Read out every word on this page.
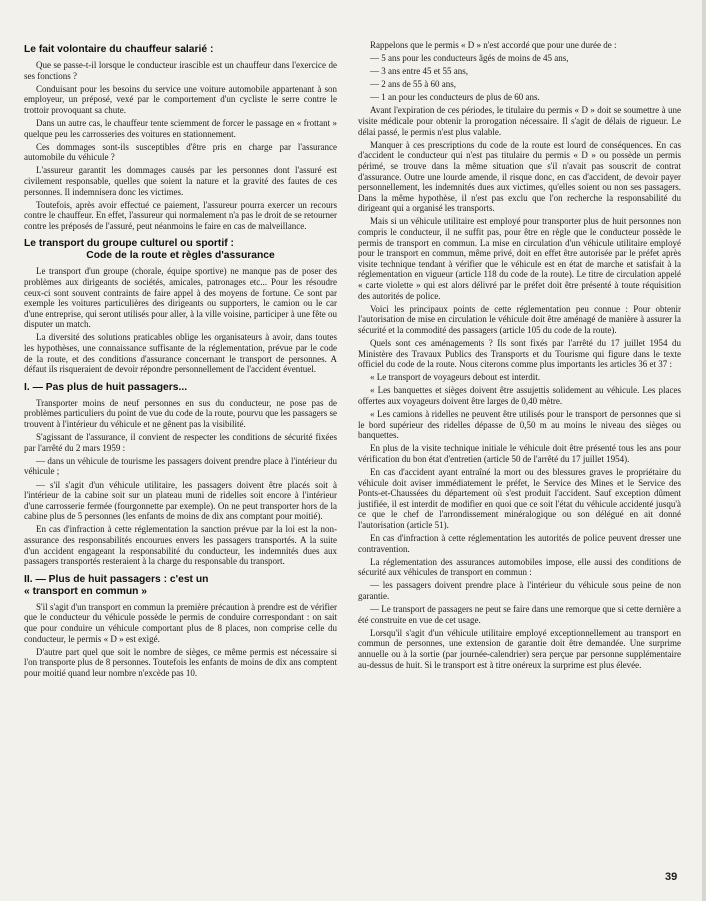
Le fait volontaire du chauffeur salarié :

Que se passe-t-il lorsque le conducteur irascible est un chauffeur dans l'exercice de ses fonctions ?

Conduisant pour les besoins du service une voiture automobile appartenant à son employeur, un préposé, vexé par le comportement d'un cycliste le serre contre le trottoir provoquant sa chute.

Dans un autre cas, le chauffeur tente sciemment de forcer le passage en « frottant » quelque peu les carrosseries des voitures en stationnement.

Ces dommages sont-ils susceptibles d'être pris en charge par l'assurance automobile du véhicule ?

L'assureur garantit les dommages causés par les personnes dont l'assuré est civilement responsable, quelles que soient la nature et la gravité des fautes de ces personnes. Il indemnisera donc les victimes.

Toutefois, après avoir effectué ce paiement, l'assureur pourra exercer un recours contre le chauffeur. En effet, l'assureur qui normalement n'a pas le droit de se retourner contre les préposés de l'assuré, peut néanmoins le faire en cas de malveillance.

Le transport du groupe culturel ou sportif :
Code de la route et règles d'assurance

Le transport d'un groupe (chorale, équipe sportive) ne manque pas de poser des problèmes aux dirigeants de sociétés, amicales, patronages etc... Pour les résoudre ceux-ci sont souvent contraints de faire appel à des moyens de fortune. Ce sont par exemple les voitures particulières des dirigeants ou supporters, le camion ou le car d'une entreprise, qui seront utilisés pour aller, à la ville voisine, participer à une fête ou disputer un match.

La diversité des solutions praticables oblige les organisateurs à avoir, dans toutes les hypothèses, une connaissance suffisante de la réglementation, prévue par le code de la route, et des conditions d'assurance concernant le transport de personnes. A défaut ils risqueraient de devoir répondre personnellement de l'accident éventuel.

I. — Pas plus de huit passagers...

Transporter moins de neuf personnes en sus du conducteur, ne pose pas de problèmes particuliers du point de vue du code de la route, pourvu que les passagers se trouvent à l'intérieur du véhicule et ne gênent pas la visibilité.

S'agissant de l'assurance, il convient de respecter les conditions de sécurité fixées par l'arrêté du 2 mars 1959 :

— dans un véhicule de tourisme les passagers doivent prendre place à l'intérieur du véhicule ;

— s'il s'agit d'un véhicule utilitaire, les passagers doivent être placés soit à l'intérieur de la cabine soit sur un plateau muni de ridelles soit encore à l'intérieur d'une carrosserie fermée (fourgonnette par exemple). On ne peut transporter hors de la cabine plus de 5 personnes (les enfants de moins de dix ans comptant pour moitié).

En cas d'infraction à cette réglementation la sanction prévue par la loi est la non-assurance des responsabilités encourues envers les passagers transportés. A la suite d'un accident engageant la responsabilité du conducteur, les indemnités dues aux passagers transportés resteraient à la charge du responsable du transport.

II. — Plus de huit passagers : c'est un
« transport en commun »

S'il s'agit d'un transport en commun la première précaution à prendre est de vérifier que le conducteur du véhicule possède le permis de conduire correspondant : on sait que pour conduire un véhicule comportant plus de 8 places, non comprise celle du conducteur, le permis « D » est exigé.

D'autre part quel que soit le nombre de sièges, ce même permis est nécessaire si l'on transporte plus de 8 personnes. Toutefois les enfants de moins de dix ans comptent pour moitié quand leur nombre n'excède pas 10.

Rappelons que le permis « D » n'est accordé que pour une durée de :

— 5 ans pour les conducteurs âgés de moins de 45 ans,

— 3 ans entre 45 et 55 ans,

— 2 ans de 55 à 60 ans,

— 1 an pour les conducteurs de plus de 60 ans.

Avant l'expiration de ces périodes, le titulaire du permis « D » doit se soumettre à une visite médicale pour obtenir la prorogation nécessaire. Il s'agit de délais de rigueur. Le délai passé, le permis n'est plus valable.

Manquer à ces prescriptions du code de la route est lourd de conséquences. En cas d'accident le conducteur qui n'est pas titulaire du permis « D » ou possède un permis périmé, se trouve dans la même situation que s'il n'avait pas souscrit de contrat d'assurance. Outre une lourde amende, il risque donc, en cas d'accident, de devoir payer personnellement, les indemnités dues aux victimes, qu'elles soient ou non ses passagers. Dans la même hypothèse, il n'est pas exclu que l'on recherche la responsabilité du dirigeant qui a organisé les transports.

Mais si un véhicule utilitaire est employé pour transporter plus de huit personnes non compris le conducteur, il ne suffit pas, pour être en règle que le conducteur possède le permis de transport en commun. La mise en circulation d'un véhicule utilitaire employé pour le transport en commun, même privé, doit en effet être autorisée par le préfet après visite technique tendant à vérifier que le véhicule est en état de marche et satisfait à la réglementation en vigueur (article 118 du code de la route). Le titre de circulation appelé « carte violette » qui est alors délivré par le préfet doit être présenté à toute réquisition des autorités de police.

Voici les principaux points de cette réglementation peu connue : Pour obtenir l'autorisation de mise en circulation le véhicule doit être aménagé de manière à assurer la sécurité et la commodité des passagers (article 105 du code de la route).

Quels sont ces aménagements ? Ils sont fixés par l'arrêté du 17 juillet 1954 du Ministère des Travaux Publics des Transports et du Tourisme qui figure dans le texte officiel du code de la route. Nous citerons comme plus importants les articles 36 et 37 :

« Le transport de voyageurs debout est interdit.

« Les banquettes et sièges doivent être assujettis solidement au véhicule. Les places offertes aux voyageurs doivent être larges de 0,40 mètre.

« Les camions à ridelles ne peuvent être utilisés pour le transport de personnes que si le bord supérieur des ridelles dépasse de 0,50 m au moins le niveau des sièges ou banquettes.

En plus de la visite technique initiale le véhicule doit être présenté tous les ans pour vérification du bon état d'entretien (article 50 de l'arrêté du 17 juillet 1954).

En cas d'accident ayant entraîné la mort ou des blessures graves le propriétaire du véhicule doit aviser immédiatement le préfet, le Service des Mines et le Service des Ponts-et-Chaussées du département où s'est produit l'accident. Sauf exception dûment justifiée, il est interdit de modifier en quoi que ce soit l'état du véhicule accidenté jusqu'à ce que le chef de l'arrondissement minéralogique ou son délégué en ait donné l'autorisation (article 51).

En cas d'infraction à cette réglementation les autorités de police peuvent dresser une contravention.

La réglementation des assurances automobiles impose, elle aussi des conditions de sécurité aux véhicules de transport en commun :

— les passagers doivent prendre place à l'intérieur du véhicule sous peine de non garantie.

— Le transport de passagers ne peut se faire dans une remorque que si cette dernière a été construite en vue de cet usage.

Lorsqu'il s'agit d'un véhicule utilitaire employé exceptionnellement au transport en commun de personnes, une extension de garantie doit être demandée. Une surprime annuelle ou à la sortie (par journée-calendrier) sera perçue par personne supplémentaire au-dessus de huit. Si le transport est à titre onéreux la surprime est plus élevée.

39
